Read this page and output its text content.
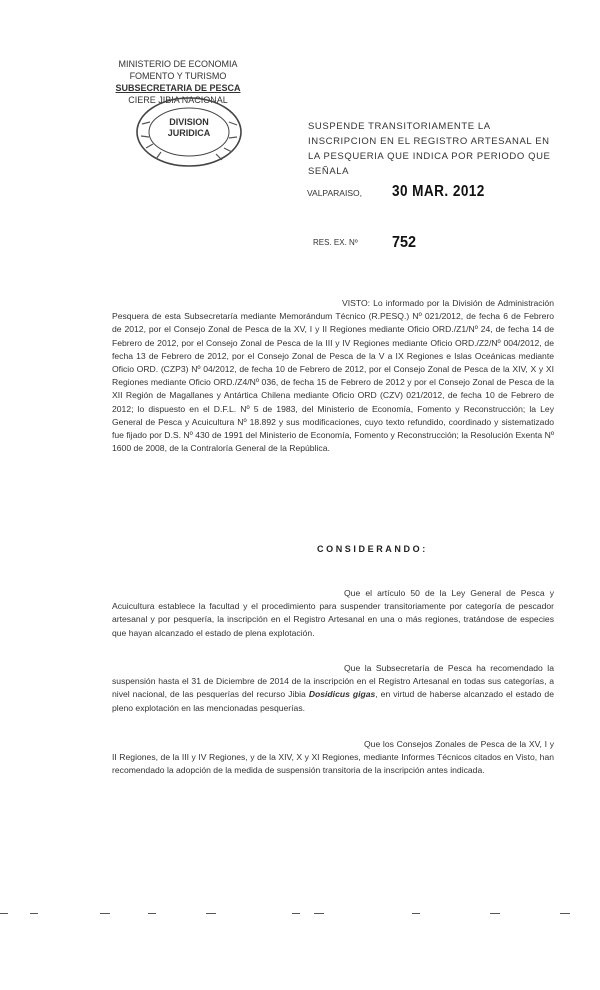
MINISTERIO DE ECONOMIA
FOMENTO Y TURISMO
SUBSECRETARIA DE PESCA
CIERE JIBIA NACIONAL
DIVISION
JURIDICA
SUSPENDE TRANSITORIAMENTE LA INSCRIPCION EN EL REGISTRO ARTESANAL EN LA PESQUERIA QUE INDICA POR PERIODO QUE SEÑALA
VALPARAISO, 30 MAR. 2012
RES. EX. Nº 752
VISTO: Lo informado por la División de Administración Pesquera de esta Subsecretaría mediante Memorándum Técnico (R.PESQ.) Nº 021/2012, de fecha 6 de Febrero de 2012, por el Consejo Zonal de Pesca de la XV, I y II Regiones mediante Oficio ORD./Z1/Nº 24, de fecha 14 de Febrero de 2012, por el Consejo Zonal de Pesca de la III y IV Regiones mediante Oficio ORD./Z2/Nº 004/2012, de fecha 13 de Febrero de 2012, por el Consejo Zonal de Pesca de la V a IX Regiones e Islas Oceánicas mediante Oficio ORD. (CZP3) Nº 04/2012, de fecha 10 de Febrero de 2012, por el Consejo Zonal de Pesca de la XIV, X y XI Regiones mediante Oficio ORD./Z4/Nº 036, de fecha 15 de Febrero de 2012 y por el Consejo Zonal de Pesca de la XII Región de Magallanes y Antártica Chilena mediante Oficio ORD (CZV) 021/2012, de fecha 10 de Febrero de 2012; lo dispuesto en el D.F.L. Nº 5 de 1983, del Ministerio de Economía, Fomento y Reconstrucción; la Ley General de Pesca y Acuicultura Nº 18.892 y sus modificaciones, cuyo texto refundido, coordinado y sistematizado fue fijado por D.S. Nº 430 de 1991 del Ministerio de Economía, Fomento y Reconstrucción; la Resolución Exenta Nº 1600 de 2008, de la Contraloría General de la República.
CONSIDERANDO:
Que el artículo 50 de la Ley General de Pesca y Acuicultura establece la facultad y el procedimiento para suspender transitoriamente por categoría de pescador artesanal y por pesquería, la inscripción en el Registro Artesanal en una o más regiones, tratándose de especies que hayan alcanzado el estado de plena explotación.
Que la Subsecretaría de Pesca ha recomendado la suspensión hasta el 31 de Diciembre de 2014 de la inscripción en el Registro Artesanal en todas sus categorías, a nivel nacional, de las pesquerías del recurso Jibia Dosidicus gigas, en virtud de haberse alcanzado el estado de pleno explotación en las mencionadas pesquerías.
Que los Consejos Zonales de Pesca de la XV, I y II Regiones, de la III y IV Regiones, y de la XIV, X y XI Regiones, mediante Informes Técnicos citados en Visto, han recomendado la adopción de la medida de suspensión transitoria de la inscripción antes indicada.
